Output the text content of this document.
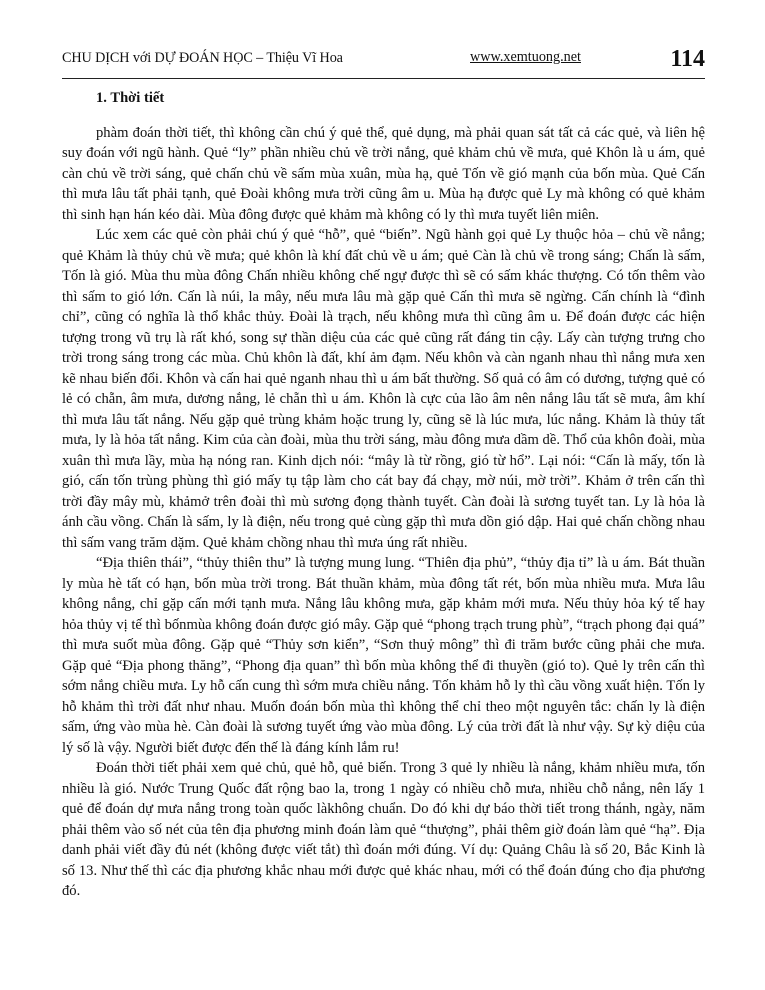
CHU DỊCH với DỰ ĐOÁN HỌC – Thiệu Vĩ Hoa	www.xemtuong.net	114

1. Thời tiết

phàm đoán thời tiết, thì không cần chú ý quẻ thể, quẻ dụng, mà phải quan sát tất cả các quẻ, và liên hệ suy đoán với ngũ hành. Quẻ “ly” phần nhiều chủ về trời nắng, quẻ khảm chủ về mưa, quẻ Khôn là u ám, quẻ càn chủ về trời sáng, quẻ chấn chủ về sấm mùa xuân, mùa hạ, quẻ Tốn về gió mạnh của bốn mùa. Quẻ Cấn thì mưa lâu tất phải tạnh, quẻ Đoài không mưa trời cũng âm u. Mùa hạ được quẻ Ly mà không có quẻ khảm thì sinh hạn hán kéo dài. Mùa đông được quẻ khảm mà không có ly thì mưa tuyết liên miên.

Lúc xem các quẻ còn phải chú ý quẻ “hỗ”, quẻ “biến”. Ngũ hành gọi quẻ Ly thuộc hỏa – chủ về nắng; quẻ Khảm là thủy chủ về mưa; quẻ khôn là khí đất chủ về u ám; quẻ Càn là chủ về trong sáng; Chấn là sấm, Tốn là gió. Mùa thu mùa đông Chấn nhiều không chế ngự được thì sẽ có sấm khác thượng. Có tốn thêm vào thì sấm to gió lớn. Cấn là núi, la mây, nếu mưa lâu mà gặp quẻ Cấn thì mưa sẽ ngừng. Cấn chính là “đình chỉ”, cũng có nghĩa là thổ khắc thủy. Đoài là trạch, nếu không mưa thì cũng âm u. Để đoán được các hiện tượng trong vũ trụ là rất khó, song sự thần diệu của các quẻ cũng rất đáng tin cậy. Lấy càn tượng trưng cho trời trong sáng trong các mùa. Chủ khôn là đất, khí ảm đạm. Nếu khôn và càn nganh nhau thì nắng mưa xen kẽ nhau biến đổi. Khôn và cấn hai quẻ nganh nhau thì u ám bất thường. Số quả có âm có dương, tượng quẻ có lẻ có chẵn, âm mưa, dương nắng, lẻ chẵn thì u ám. Khôn là cực của lão âm nên nắng lâu tất sẽ mưa, âm khí thì mưa lâu tất nắng. Nếu gặp quẻ trùng khảm hoặc trung ly, cũng sẽ là lúc mưa, lúc nắng. Khảm là thủy tất mưa, ly là hỏa tất nắng. Kim của càn đoài, mùa thu trời sáng, màu đông mưa dầm dề. Thổ của khôn đoài, mùa xuân thì mưa lầy, mùa hạ nóng ran. Kinh dịch nói: “mây là từ rồng, gió từ hổ”. Lại nói: “Cấn là mấy, tốn là gió, cấn tốn trùng phùng thì gió mấy tụ tập làm cho cát bay đá chạy, mờ núi, mờ trời”. Khảm ở trên cấn thì trời đầy mây mù, khảmở trên đoài thì mù sương đọng thành tuyết. Càn đoài là sương tuyết tan. Ly là hỏa là ánh cầu vồng. Chấn là sấm, ly là điện, nếu trong quẻ cùng gặp thì mưa dồn gió dập. Hai quẻ chấn chồng nhau thì sấm vang trăm dặm. Quẻ khảm chồng nhau thì mưa úng rất nhiều.

“Địa thiên thái”, “thủy thiên thu” là tượng mung lung. “Thiên địa phủ”, “thủy địa tỉ” là u ám. Bát thuần ly mùa hè tất có hạn, bốn mùa trời trong. Bát thuần khảm, mùa đông tất rét, bốn mùa nhiều mưa. Mưa lâu không nắng, chỉ gặp cấn mới tạnh mưa. Nắng lâu không mưa, gặp khảm mới mưa. Nếu thủy hỏa ký tế hay hỏa thủy vị tế thì bốnmùa không đoán được gió mây. Gặp quẻ “phong trạch trung phù”, “trạch phong đại quá” thì mưa suốt mùa đông. Gặp quẻ “Thủy sơn kiển”, “Sơn thuỷ mông” thì đi trăm bước cũng phải che mưa. Gặp quẻ “Địa phong thăng”, “Phong địa quan” thì bốn mùa không thể đi thuyền (gió to). Quẻ ly trên cấn thì sớm nắng chiều mưa. Ly hỗ cấn cung thì sớm mưa chiều nắng. Tốn khảm hỗ ly thì cầu vồng xuất hiện. Tốn ly hỗ khảm thì trời đất như nhau. Muốn đoán bốn mùa thì không thể chỉ theo một nguyên tắc: chấn ly là điện sấm, ứng vào mùa hè. Càn đoài là sương tuyết ứng vào mùa đông. Lý của trời đất là như vậy. Sự kỳ diệu của lý số là vậy. Người biết được đến thế là đáng kính lắm ru!

Đoán thời tiết phải xem quẻ chủ, quẻ hỗ, quẻ biến. Trong 3 quẻ ly nhiều là nắng, khảm nhiều mưa, tốn nhiều là gió. Nước Trung Quốc đất rộng bao la, trong 1 ngày có nhiều chỗ mưa, nhiều chỗ nắng, nên lấy 1 quẻ để đoán dự mưa nắng trong toàn quốc làkhông chuẩn. Do đó khi dự báo thời tiết trong thánh, ngày, năm phải thêm vào số nét của tên địa phương minh đoán làm quẻ “thượng”, phải thêm giờ đoán làm quẻ “hạ”. Địa danh phải viết đầy đủ nét (không được viết tắt) thì đoán mới đúng. Ví dụ: Quảng Châu là số 20, Bắc Kinh là số 13. Như thế thì các địa phương khắc nhau mới được quẻ khác nhau, mới có thể đoán đúng cho địa phương đó.
